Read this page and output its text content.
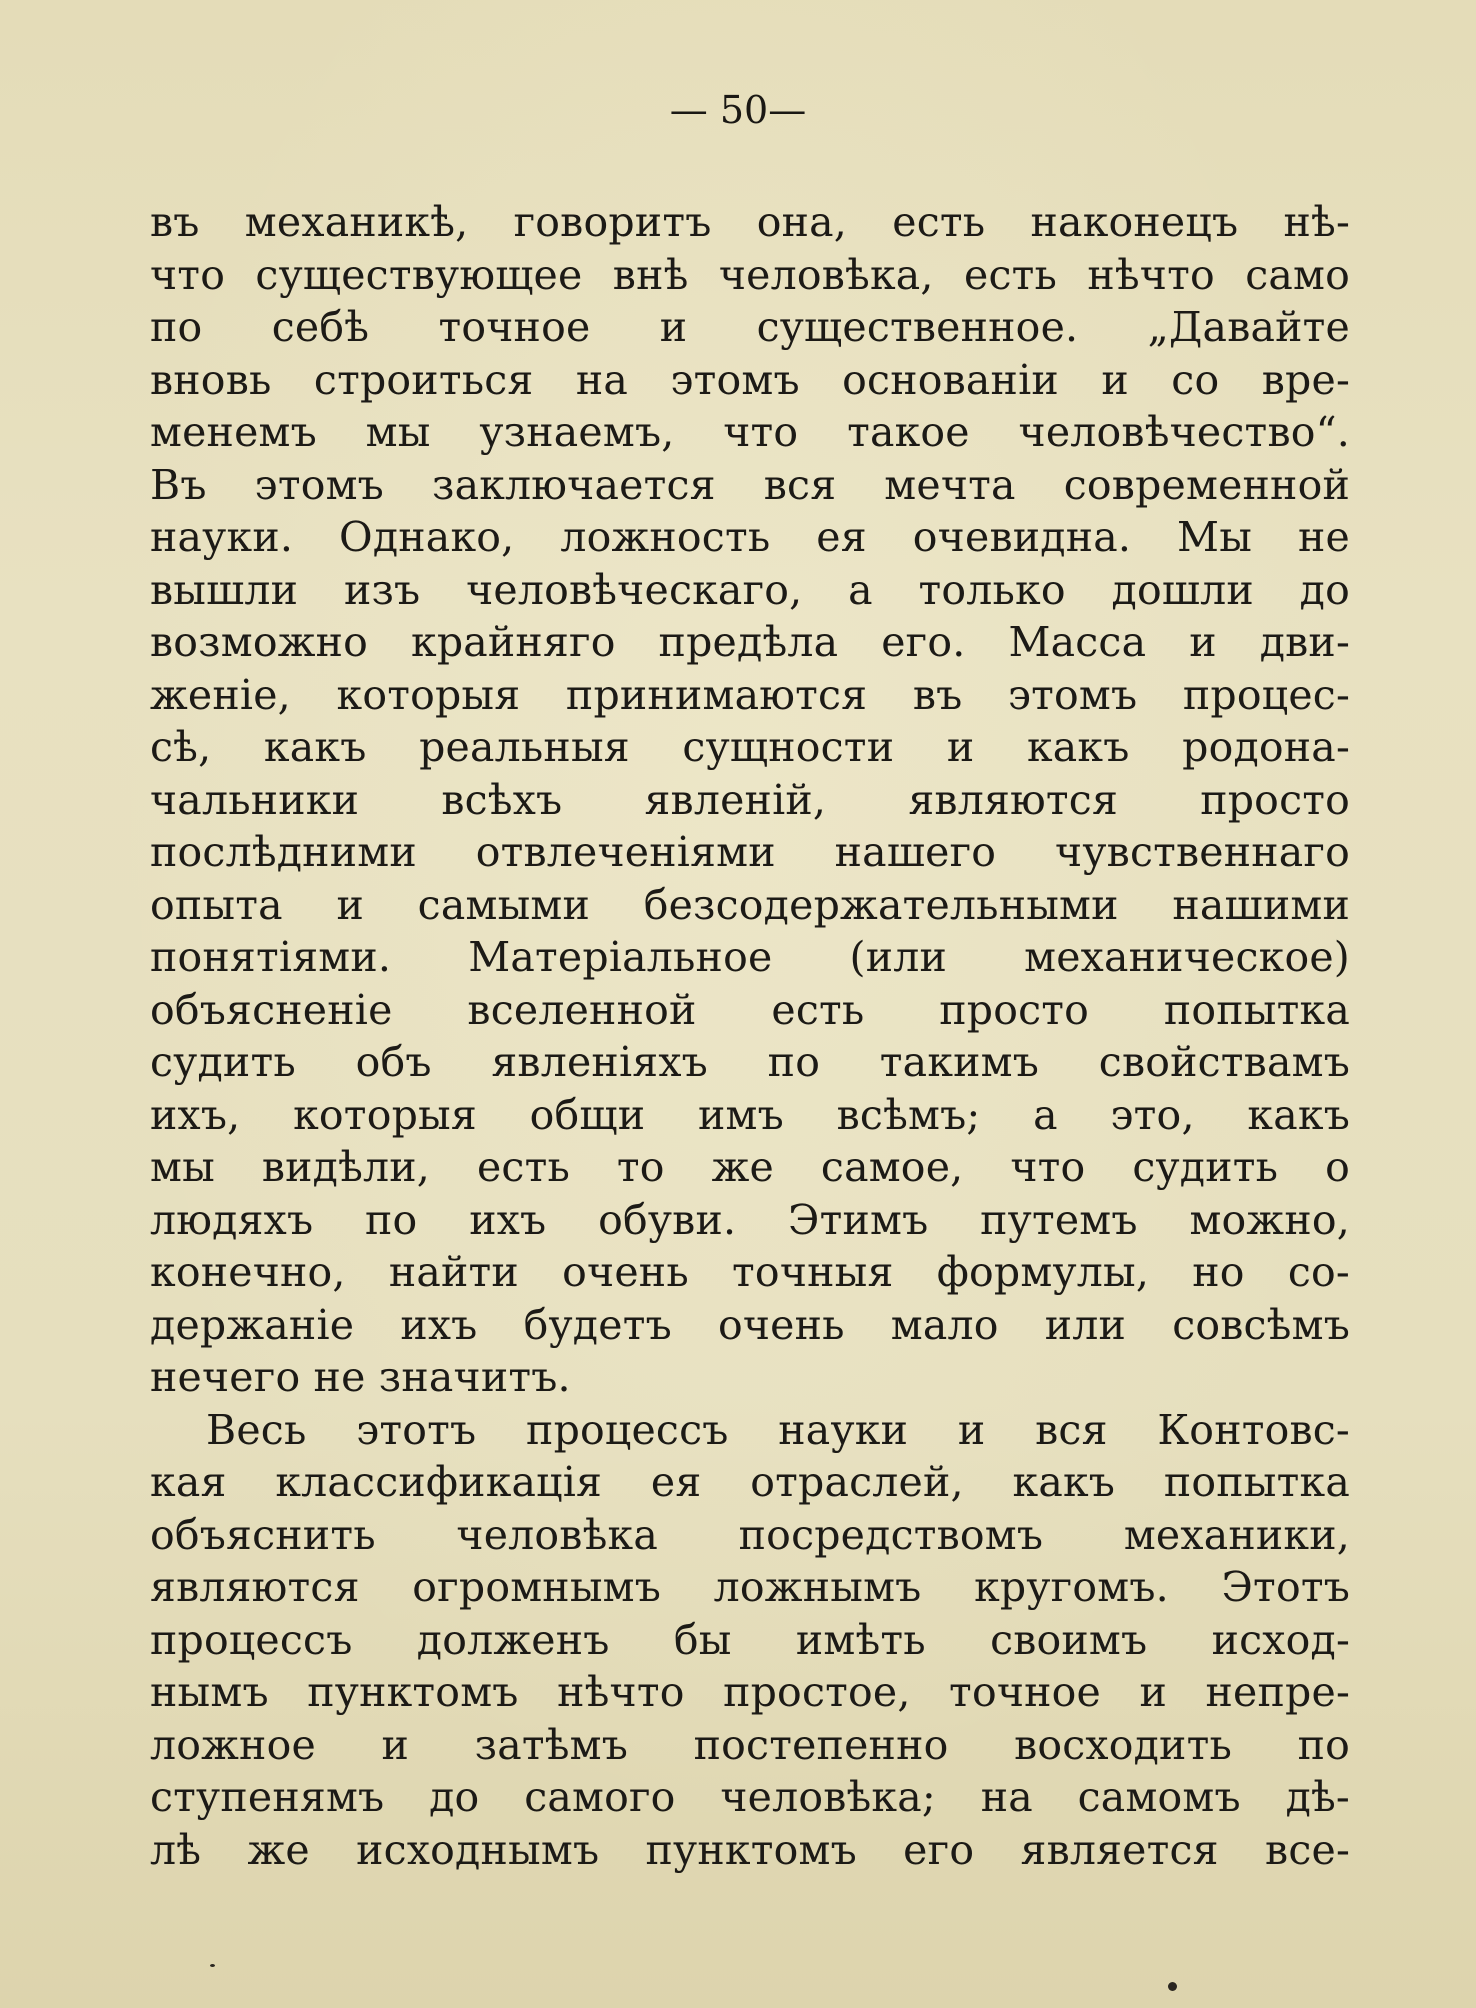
— 50—
въ механикѣ, говоритъ она, есть наконецъ нѣ-
что существующее внѣ человѣка, есть нѣчто само
по себѣ точное и существенное. „Давайте
вновь строиться на этомъ основанiи и со вре-
менемъ мы узнаемъ, что такое человѣчество“.
Въ этомъ заключается вся мечта современной
науки. Однако, ложность ея очевидна. Мы не
вышли изъ человѣческаго, а только дошли до
возможно крайняго предѣла его. Масса и дви-
женiе, которыя принимаются въ этомъ процес-
сѣ, какъ реальныя сущности и какъ родона-
чальники всѣхъ явленiй, являются просто
послѣдними отвлеченiями нашего чувственнаго
опыта и самыми безсодержательными нашими
понятiями. Матерiальное (или механическое)
объясненiе вселенной есть просто попытка
судить объ явленiяхъ по такимъ свойствамъ
ихъ, которыя общи имъ всѣмъ; а это, какъ
мы видѣли, есть то же самое, что судить о
людяхъ по ихъ обуви. Этимъ путемъ можно,
конечно, найти очень точныя формулы, но со-
держанiе ихъ будетъ очень мало или совсѣмъ
нечего не значитъ.
Весь этотъ процессъ науки и вся Контовс-
кая классификацiя ея отраслей, какъ попытка
объяснить человѣка посредствомъ механики,
являются огромнымъ ложнымъ кругомъ. Этотъ
процессъ долженъ бы имѣть своимъ исход-
нымъ пунктомъ нѣчто простое, точное и непре-
ложное и затѣмъ постепенно восходить по
ступенямъ до самого человѣка; на самомъ дѣ-
лѣ же исходнымъ пунктомъ его является все-
